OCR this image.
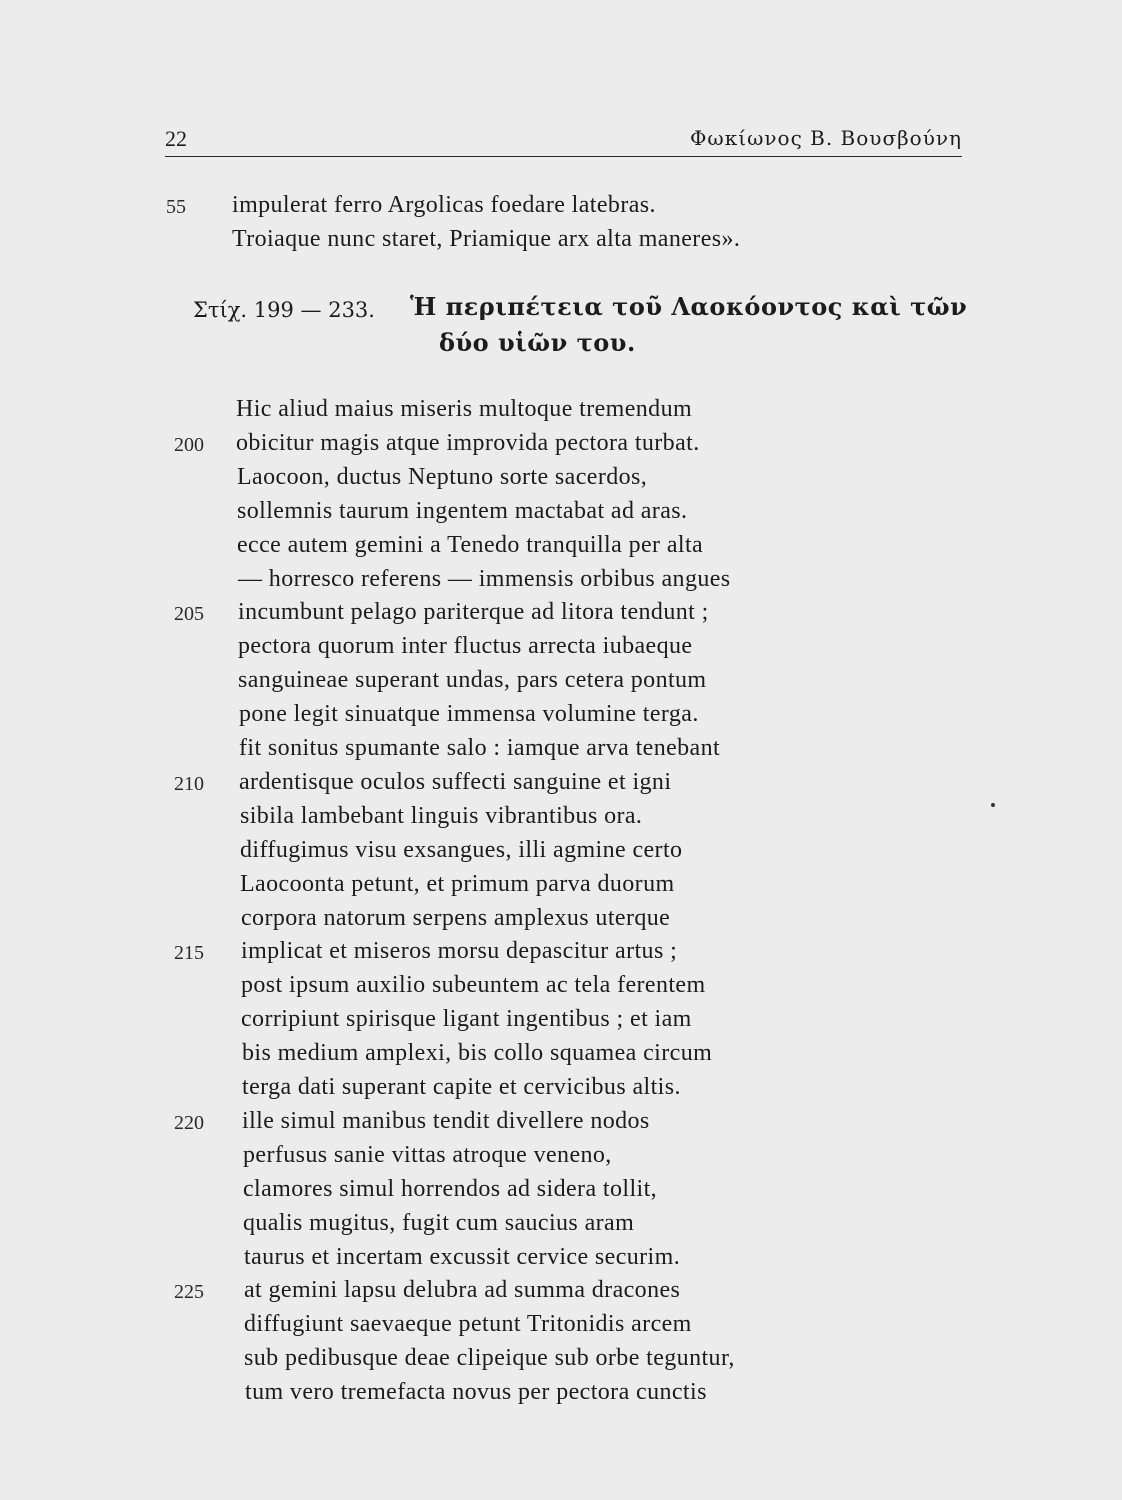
22	Φωκίωνος Β. Βουσβούνη
55	impulerat ferro Argolicas foedare latebras.
Troiaque nunc staret, Priamique arx alta maneres».
Στίχ. 199 — 233. Ἡ περιπέτεια τοῦ Λαοκόοντος καὶ τῶν
δύο υἱῶν του.
Hic aliud maius miseris multoque tremendum
200	obicitur magis atque improvida pectora turbat.
Laocoon, ductus Neptuno sorte sacerdos,
sollemnis taurum ingentem mactabat ad aras.
ecce autem gemini a Tenedo tranquilla per alta
— horresco referens — immensis orbibus angues
205	incumbunt pelago pariterque ad litora tendunt ;
pectora quorum inter fluctus arrecta iubaeque
sanguineae superant undas, pars cetera pontum
pone legit sinuatque immensa volumine terga.
fit sonitus spumante salo : iamque arva tenebant
210	ardentisque oculos suffecti sanguine et igni
sibila lambebant linguis vibrantibus ora.
diffugimus visu exsangues, illi agmine certo
Laocoonta petunt, et primum parva duorum
corpora natorum serpens amplexus uterque
215	implicat et miseros morsu depascitur artus ;
post ipsum auxilio subeuntem ac tela ferentem
corripiunt spirisque ligant ingentibus ; et iam
bis medium amplexi, bis collo squamea circum
terga dati superant capite et cervicibus altis.
220	ille simul manibus tendit divellere nodos
perfusus sanie vittas atroque veneno,
clamores simul horrendos ad sidera tollit,
qualis mugitus, fugit cum saucius aram
taurus et incertam excussit cervice securim.
225	at gemini lapsu delubra ad summa dracones
diffugiunt saevaeque petunt Tritonidis arcem
sub pedibusque deae clipeique sub orbe teguntur,
tum vero tremefacta novus per pectora cunctis
